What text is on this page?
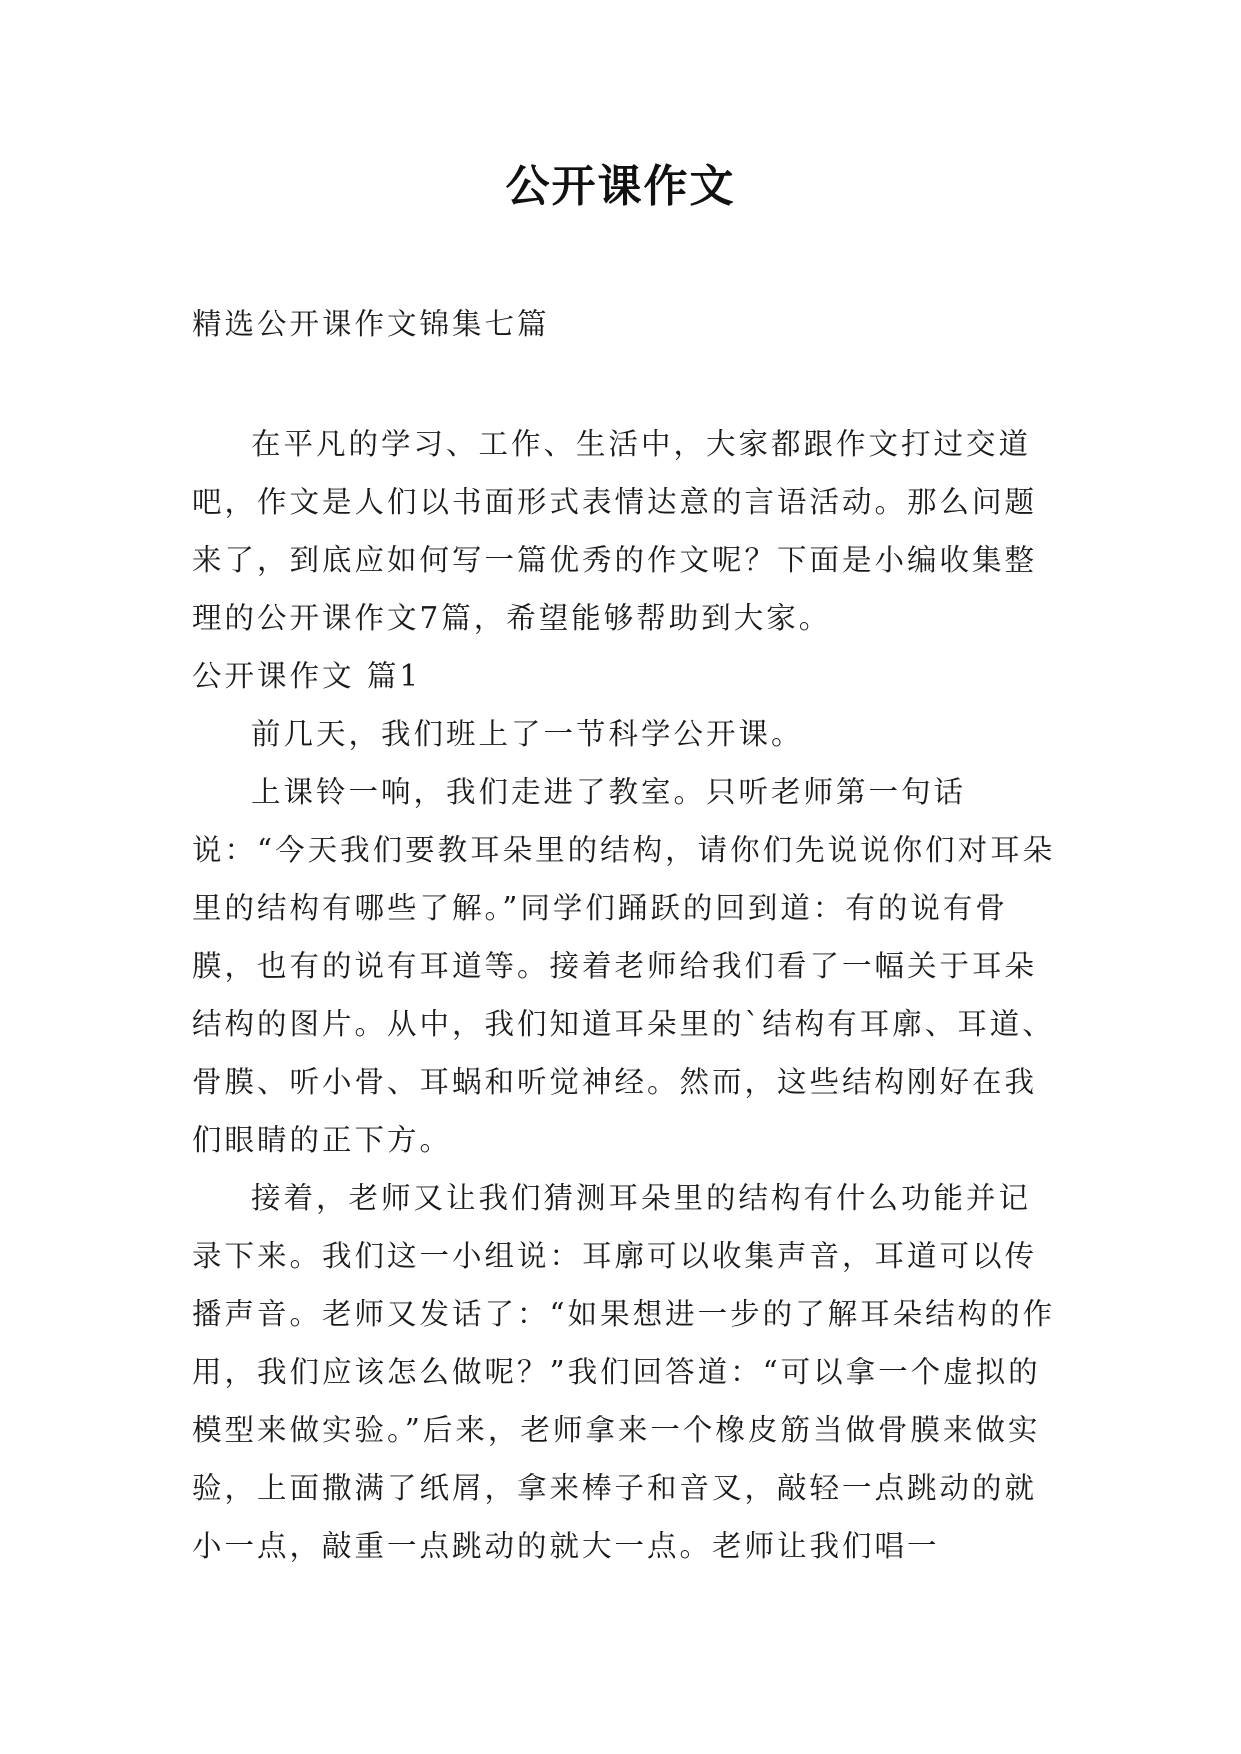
公开课作文

精选公开课作文锦集七篇

在平凡的学习、工作、生活中，大家都跟作文打过交道吧，作文是人们以书面形式表情达意的言语活动。那么问题来了，到底应如何写一篇优秀的作文呢？下面是小编收集整理的公开课作文7篇，希望能够帮助到大家。

公开课作文 篇1

前几天，我们班上了一节科学公开课。

上课铃一响，我们走进了教室。只听老师第一句话说：“今天我们要教耳朵里的结构，请你们先说说你们对耳朵里的结构有哪些了解。”同学们踊跃的回到道：有的说有骨膜，也有的说有耳道等。接着老师给我们看了一幅关于耳朵结构的图片。从中，我们知道耳朵里的`结构有耳廓、耳道、骨膜、听小骨、耳蜗和听觉神经。然而，这些结构刚好在我们眼睛的正下方。

接着，老师又让我们猜测耳朵里的结构有什么功能并记录下来。我们这一小组说：耳廓可以收集声音，耳道可以传播声音。老师又发话了：“如果想进一步的了解耳朵结构的作用，我们应该怎么做呢？”我们回答道：“可以拿一个虚拟的模型来做实验。”后来，老师拿来一个橡皮筋当做骨膜来做实验，上面撒满了纸屑，拿来棒子和音叉，敲轻一点跳动的就小一点，敲重一点跳动的就大一点。老师让我们唱一
